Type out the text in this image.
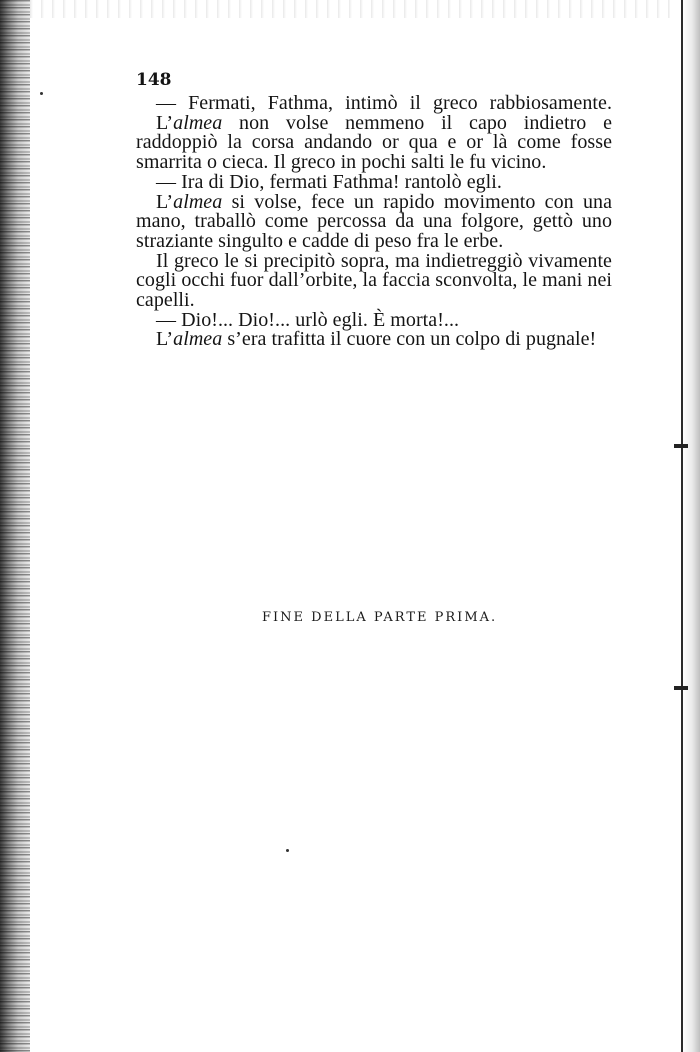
148

— Fermati, Fathma, intimò il greco rabbiosamente.

L’almea non volse nemmeno il capo indietro e raddoppiò la corsa andando or qua e or là come fosse smarrita o cieca. Il greco in pochi salti le fu vicino.

— Ira di Dio, fermati Fathma! rantolò egli.

L’almea si volse, fece un rapido movimento con una mano, traballò come percossa da una folgore, gettò uno straziante singulto e cadde di peso fra le erbe.

Il greco le si precipitò sopra, ma indietreggiò vivamente cogli occhi fuor dall’orbite, la faccia sconvolta, le mani nei capelli.

— Dio!... Dio!... urlò egli. È morta!...

L’almea s’era trafitta il cuore con un colpo di pugnale!

FINE DELLA PARTE PRIMA.
